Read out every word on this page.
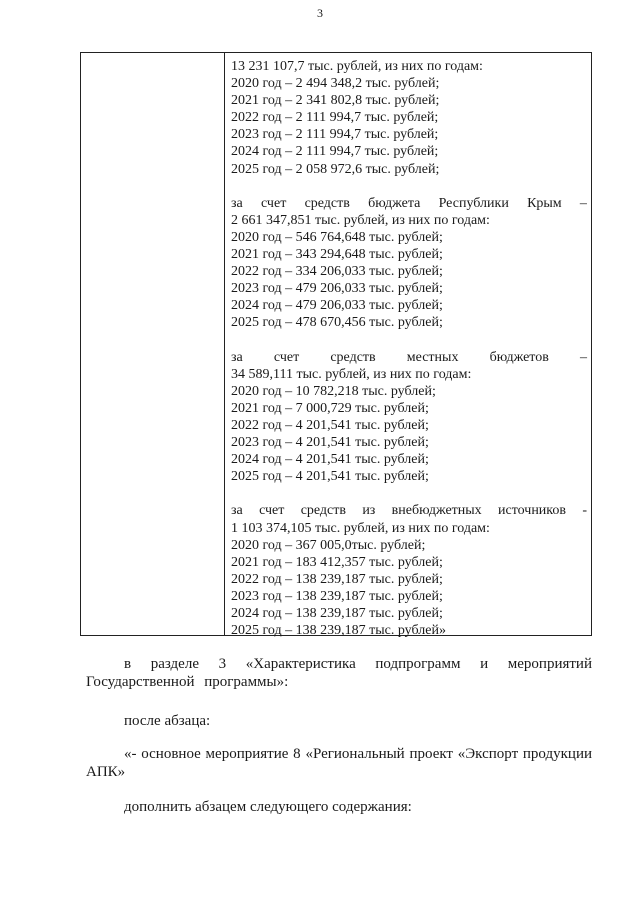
3
13 231 107,7 тыс. рублей, из них по годам:
2020 год – 2 494 348,2 тыс. рублей;
2021 год – 2 341 802,8 тыс. рублей;
2022 год – 2 111 994,7 тыс. рублей;
2023 год – 2 111 994,7 тыс. рублей;
2024 год – 2 111 994,7 тыс. рублей;
2025 год – 2 058 972,6 тыс. рублей;
за счет средств бюджета Республики Крым –
2 661 347,851 тыс. рублей, из них по годам:
2020 год – 546 764,648 тыс. рублей;
2021 год – 343 294,648 тыс. рублей;
2022 год – 334 206,033 тыс. рублей;
2023 год – 479 206,033 тыс. рублей;
2024 год – 479 206,033 тыс. рублей;
2025 год – 478 670,456 тыс. рублей;
за счет средств местных бюджетов –
34 589,111 тыс. рублей, из них по годам:
2020 год – 10 782,218 тыс. рублей;
2021 год – 7 000,729 тыс. рублей;
2022 год – 4 201,541 тыс. рублей;
2023 год – 4 201,541 тыс. рублей;
2024 год – 4 201,541 тыс. рублей;
2025 год – 4 201,541 тыс. рублей;
за счет средств из внебюджетных источников -
1 103 374,105 тыс. рублей, из них по годам:
2020 год – 367 005,0тыс. рублей;
2021 год – 183 412,357 тыс. рублей;
2022 год – 138 239,187 тыс. рублей;
2023 год – 138 239,187 тыс. рублей;
2024 год – 138 239,187 тыс. рублей;
2025 год – 138 239,187 тыс. рублей»
в разделе 3 «Характеристика подпрограмм и мероприятий Государственной программы»:
после абзаца:
«- основное мероприятие 8 «Региональный проект «Экспорт продукции АПК»
дополнить абзацем следующего содержания:
